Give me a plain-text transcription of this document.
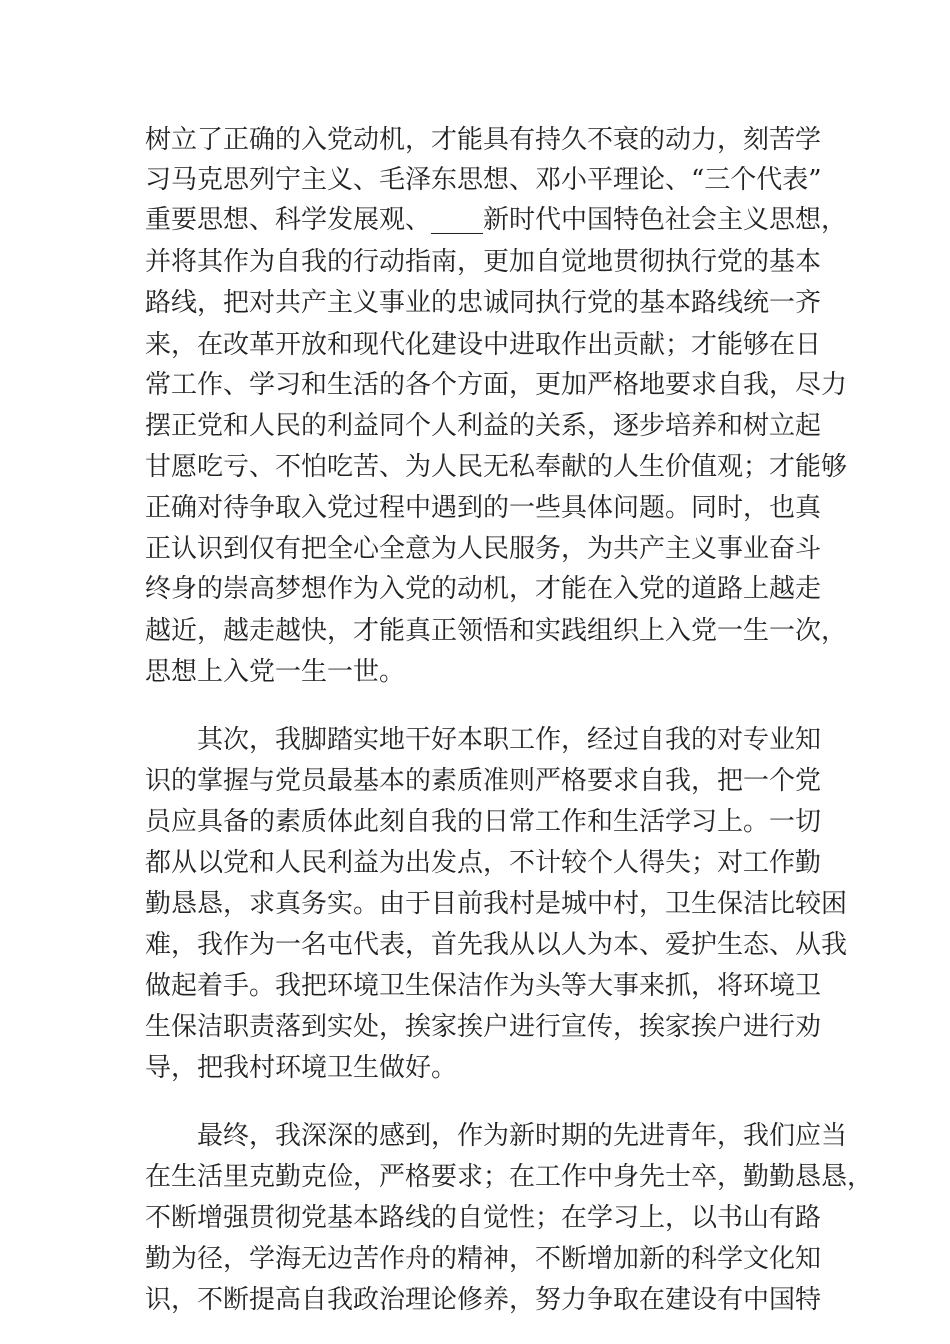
树立了正确的入党动机，才能具有持久不衰的动力，刻苦学
习马克思列宁主义、毛泽东思想、邓小平理论、“三个代表”
重要思想、科学发展观、____新时代中国特色社会主义思想，
并将其作为自我的行动指南，更加自觉地贯彻执行党的基本
路线，把对共产主义事业的忠诚同执行党的基本路线统一齐
来，在改革开放和现代化建设中进取作出贡献；才能够在日
常工作、学习和生活的各个方面，更加严格地要求自我，尽力
摆正党和人民的利益同个人利益的关系，逐步培养和树立起
甘愿吃亏、不怕吃苦、为人民无私奉献的人生价值观；才能够
正确对待争取入党过程中遇到的一些具体问题。同时，也真
正认识到仅有把全心全意为人民服务，为共产主义事业奋斗
终身的崇高梦想作为入党的动机，才能在入党的道路上越走
越近，越走越快，才能真正领悟和实践组织上入党一生一次，
思想上入党一生一世。
其次，我脚踏实地干好本职工作，经过自我的对专业知
识的掌握与党员最基本的素质准则严格要求自我，把一个党
员应具备的素质体此刻自我的日常工作和生活学习上。一切
都从以党和人民利益为出发点，不计较个人得失；对工作勤
勤恳恳，求真务实。由于目前我村是城中村，卫生保洁比较困
难，我作为一名屯代表，首先我从以人为本、爱护生态、从我
做起着手。我把环境卫生保洁作为头等大事来抓，将环境卫
生保洁职责落到实处，挨家挨户进行宣传，挨家挨户进行劝
导，把我村环境卫生做好。
最终，我深深的感到，作为新时期的先进青年，我们应当
在生活里克勤克俭，严格要求；在工作中身先士卒，勤勤恳恳，
不断增强贯彻党基本路线的自觉性；在学习上，以书山有路
勤为径，学海无边苦作舟的精神，不断增加新的科学文化知
识，不断提高自我政治理论修养，努力争取在建设有中国特
